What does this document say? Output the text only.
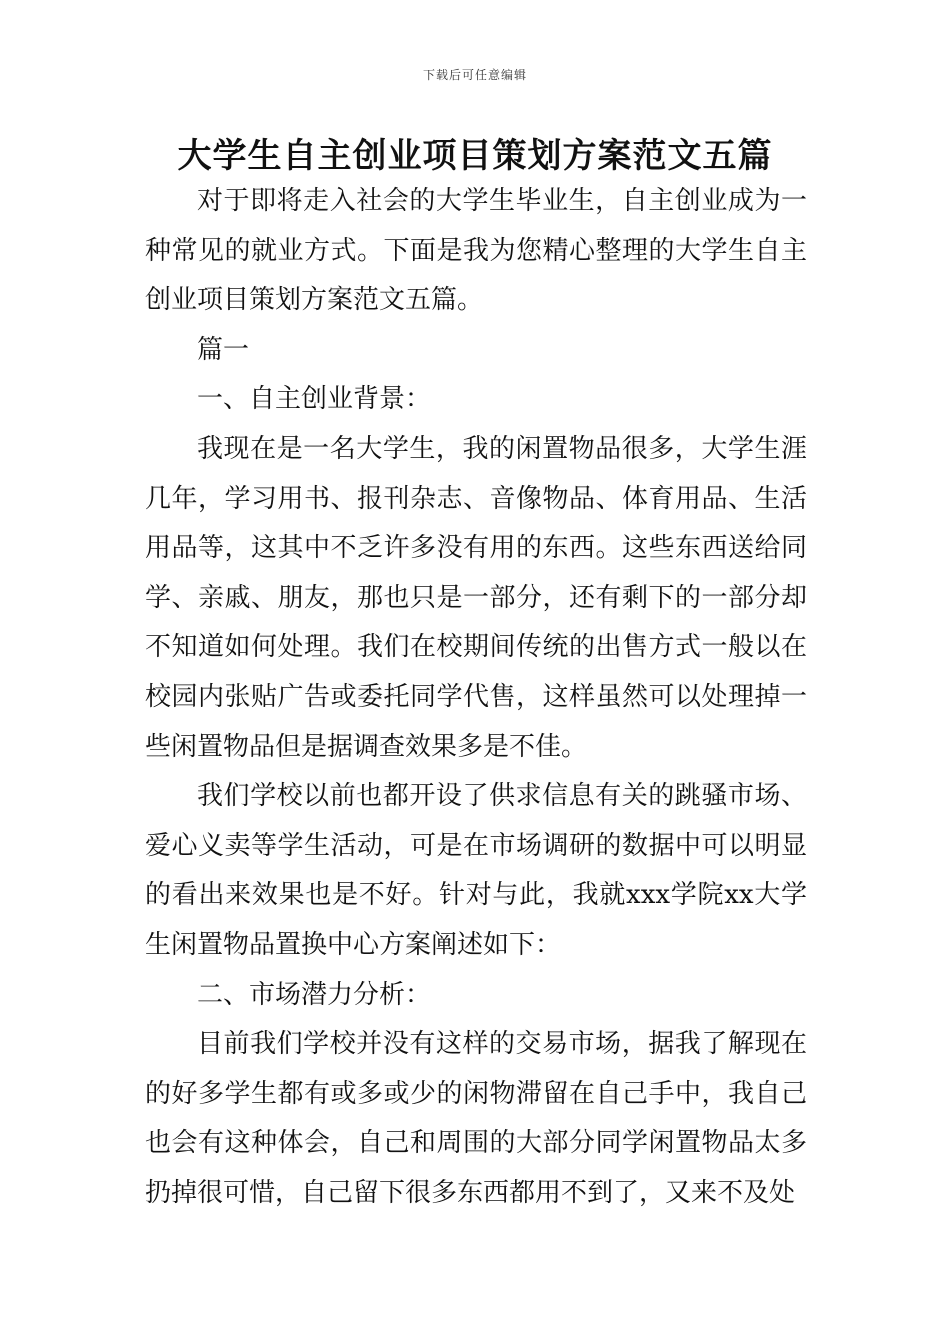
下载后可任意编辑
大学生自主创业项目策划方案范文五篇

对于即将走入社会的大学生毕业生，自主创业成为一种常见的就业方式。下面是我为您精心整理的大学生自主创业项目策划方案范文五篇。

篇一

一、自主创业背景：

我现在是一名大学生，我的闲置物品很多，大学生涯几年，学习用书、报刊杂志、音像物品、体育用品、生活用品等，这其中不乏许多没有用的东西。这些东西送给同学、亲戚、朋友，那也只是一部分，还有剩下的一部分却不知道如何处理。我们在校期间传统的出售方式一般以在校园内张贴广告或委托同学代售，这样虽然可以处理掉一些闲置物品但是据调查效果多是不佳。

我们学校以前也都开设了供求信息有关的跳骚市场、爱心义卖等学生活动，可是在市场调研的数据中可以明显的看出来效果也是不好。针对与此，我就xxx学院xx大学生闲置物品置换中心方案阐述如下：

二、市场潜力分析：

目前我们学校并没有这样的交易市场，据我了解现在的好多学生都有或多或少的闲物滞留在自己手中，我自己也会有这种体会，自己和周围的大部分同学闲置物品太多扔掉很可惜，自己留下很多东西都用不到了，又来不及处
